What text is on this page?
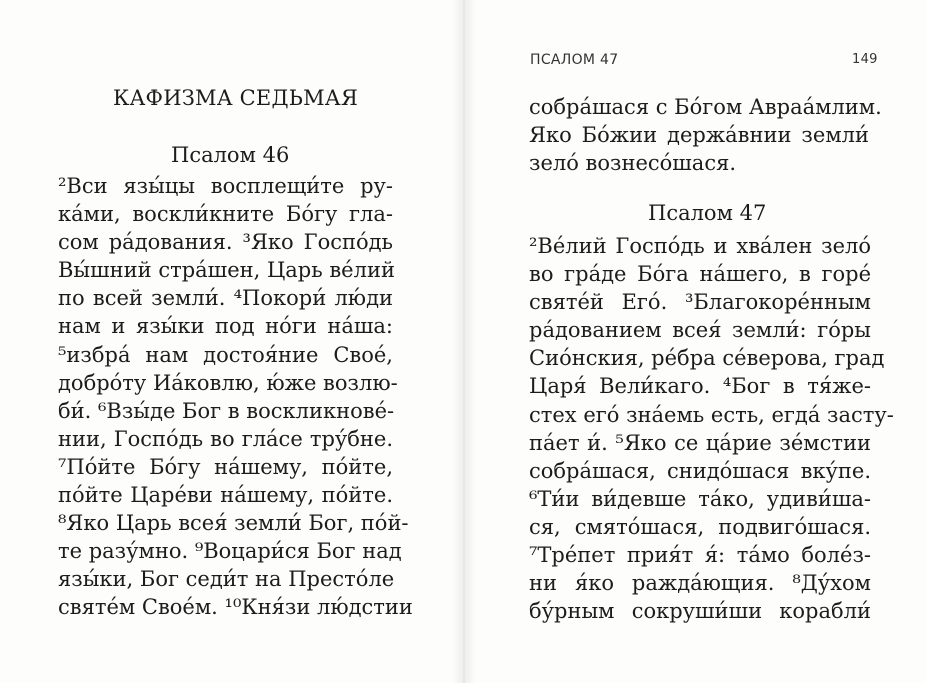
ПСАЛОМ 47	149
КАФИЗМА СЕДЬМАЯ
Псалом 46
²Вси язы́цы восплещи́те ру-
ка́ми, воскли́кните Бо́гу гла-
сом ра́дования. ³Яко Госпо́дь
Вы́шний стра́шен, Царь ве́лий
по всей земли́. ⁴Покори́ лю́ди
нам и язы́ки под но́ги на́ша:
⁵избра́ нам достоя́ние Свое́,
добро́ту Иа́ковлю, ю́же возлю-
би́. ⁶Взы́де Бог в воскликнове́-
нии, Госпо́дь во гла́се тру́бне.
⁷По́йте Бо́гу на́шему, по́йте,
по́йте Царе́ви на́шему, по́йте.
⁸Яко Царь всея́ земли́ Бог, по́й-
те разу́мно. ⁹Воцари́ся Бог над
язы́ки, Бог седи́т на Престо́ле
святе́м Свое́м. ¹⁰Кня́зи лю́дстии
собра́шася с Бо́гом Авраа́млим.
Яко Бо́жии держа́внии земли́
зело́ вознесо́шася.
Псалом 47
²Ве́лий Госпо́дь и хва́лен зело́
во гра́де Бо́га на́шего, в горе́
святе́й Его́. ³Благокоре́нным
ра́дованием всея́ земли́: го́ры
Сио́нския, ре́бра се́верова, град
Царя́ Вели́каго. ⁴Бог в тя́же-
стех его́ зна́емь есть, егда́ засту-
па́ет и́. ⁵Яко се ца́рие зе́мстии
собра́шася, снидо́шася вку́пе.
⁶Ти́и ви́девше та́ко, удиви́ша-
ся, смято́шася, подвиго́шася.
⁷Тре́пет прия́т я́: та́мо боле́з-
ни я́ко ражда́ющия. ⁸Ду́хом
бу́рным сокруши́ши корабли́
